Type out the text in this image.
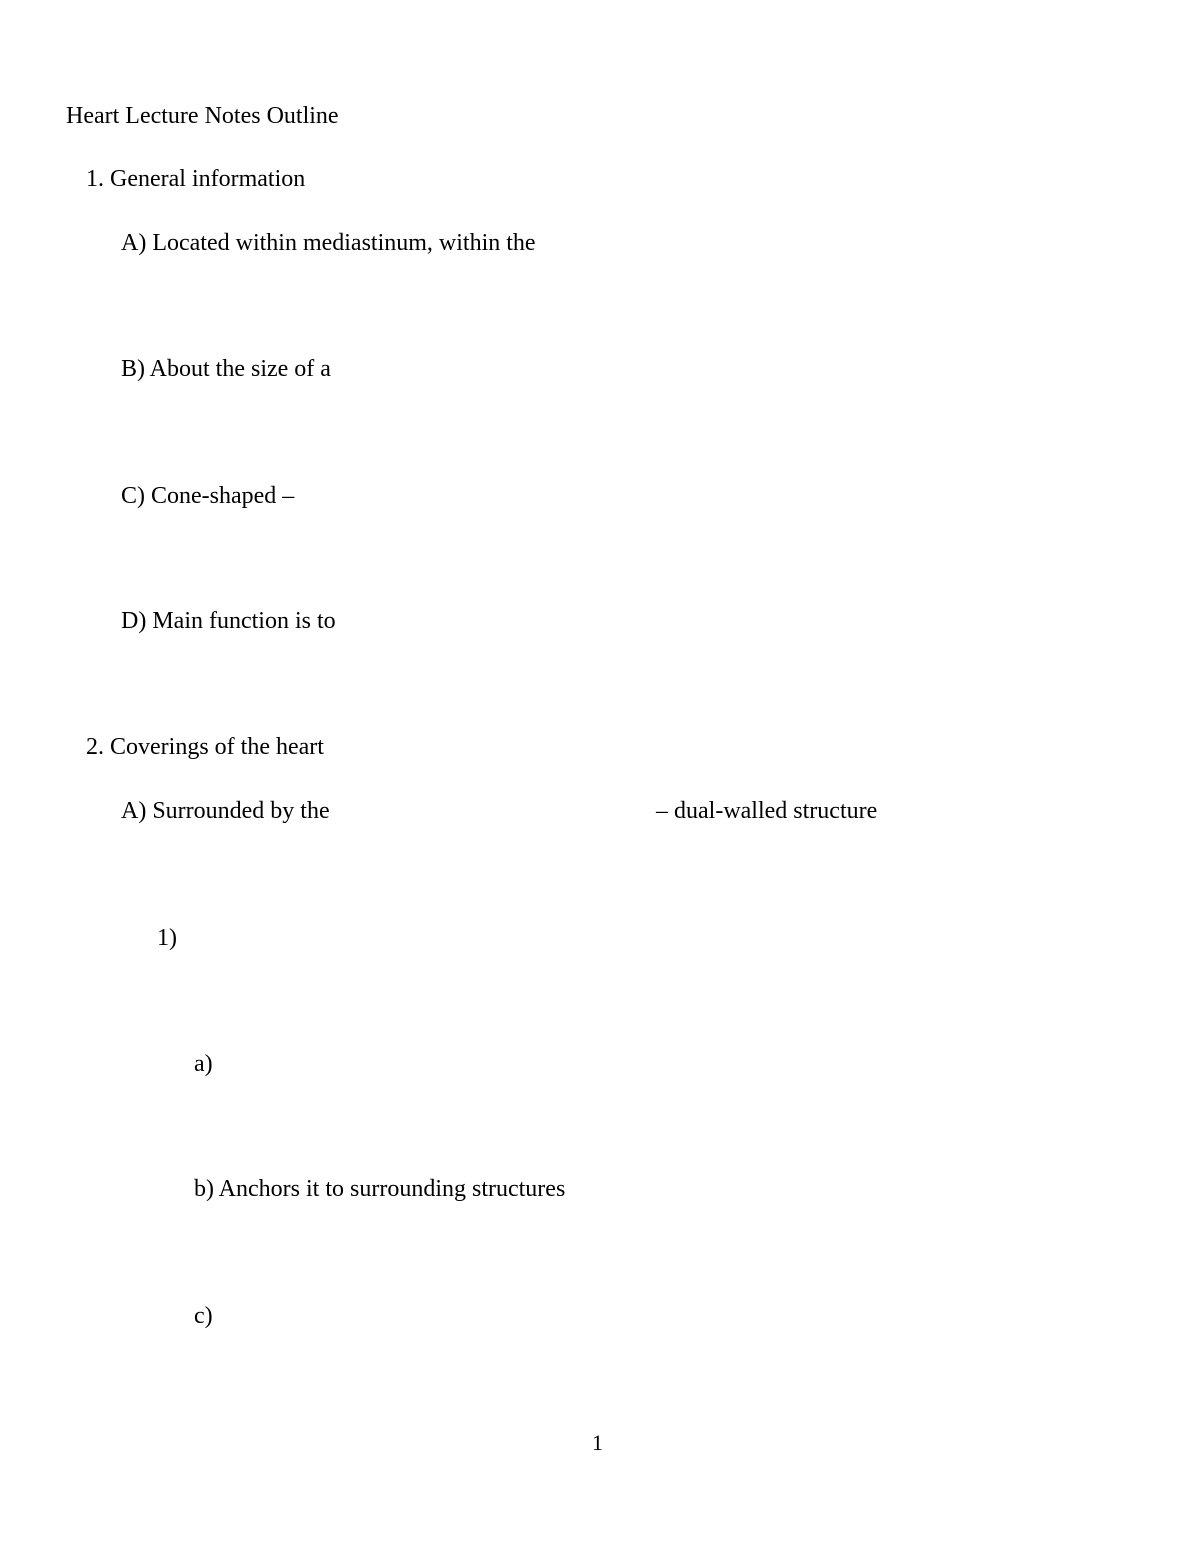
Heart Lecture Notes Outline
1. General information
A) Located within mediastinum, within the
B) About the size of a
C) Cone-shaped –
D) Main function is to
2. Coverings of the heart
A) Surrounded by the	– dual-walled structure
1)
a)
b) Anchors it to surrounding structures
c)
1
